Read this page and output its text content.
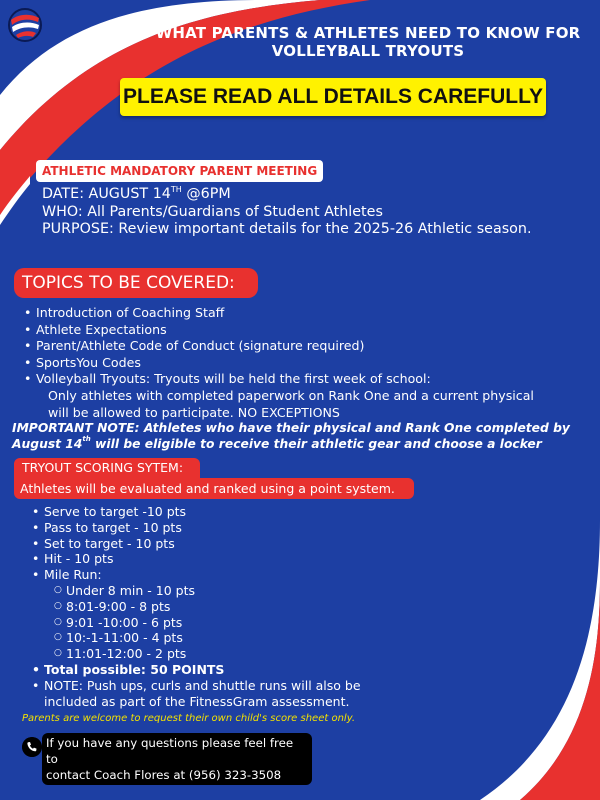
WHAT PARENTS & ATHLETES NEED TO KNOW FOR
VOLLEYBALL TRYOUTS
PLEASE READ ALL DETAILS CAREFULLY
ATHLETIC MANDATORY PARENT MEETING
DATE: AUGUST 14TH @6PM
WHO: All Parents/Guardians of Student Athletes
PURPOSE: Review important details for the 2025-26 Athletic season.
TOPICS TO BE COVERED:
• Introduction of Coaching Staff
• Athlete Expectations
• Parent/Athlete Code of Conduct (signature required)
• SportsYou Codes
• Volleyball Tryouts: Tryouts will be held the first week of school:
Only athletes with completed paperwork on Rank One and a current physical
will be allowed to participate. NO EXCEPTIONS
IMPORTANT NOTE: Athletes who have their physical and Rank One completed by
August 14th will be eligible to receive their athletic gear and choose a locker
TRYOUT SCORING SYTEM:
Athletes will be evaluated and ranked using a point system.
• Serve to target -10 pts
• Pass to target - 10 pts
• Set to target - 10 pts
• Hit - 10 pts
• Mile Run:
○ Under 8 min - 10 pts
○ 8:01-9:00 - 8 pts
○ 9:01 -10:00 - 6 pts
○ 10:-1-11:00 - 4 pts
○ 11:01-12:00 - 2 pts
• Total possible: 50 POINTS
• NOTE: Push ups, curls and shuttle runs will also be
included as part of the FitnessGram assessment.
Parents are welcome to request their own child's score sheet only.
If you have any questions please feel free to
contact Coach Flores at (956) 323-3508
